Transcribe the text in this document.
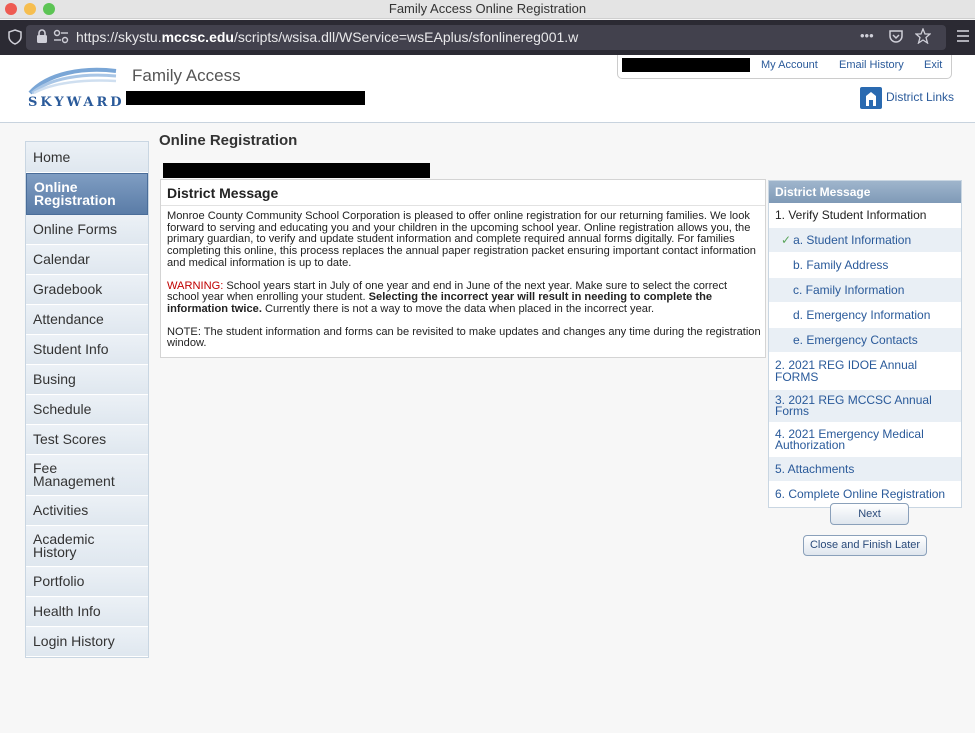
Family Access Online Registration
https://skystu.mccsc.edu/scripts/wsisa.dll/WService=wsEAplus/sfonlinereg001.w	•••
SKYWARD
Family Access
My Account Email History Exit
District Links
Home
Online Registration
Online Forms
Calendar
Gradebook
Attendance
Student Info
Busing
Schedule
Test Scores
Fee Management
Activities
Academic History
Portfolio
Health Info
Login History
Online Registration
District Message

Monroe County Community School Corporation is pleased to offer online registration for our returning families. We look forward to serving and educating you and your children in the upcoming school year. Online registration allows you, the primary guardian, to verify and update student information and complete required annual forms digitally. For families completing this online, this process replaces the annual paper registration packet ensuring important contact information and medical information is up to date.

WARNING: School years start in July of one year and end in June of the next year. Make sure to select the correct school year when enrolling your student. Selecting the incorrect year will result in needing to complete the information twice. Currently there is not a way to move the data when placed in the incorrect year.

NOTE: The student information and forms can be revisited to make updates and changes any time during the registration window.

District Message
1. Verify Student Information
✓ a. Student Information
b. Family Address
c. Family Information
d. Emergency Information
e. Emergency Contacts
2. 2021 REG IDOE Annual FORMS
3. 2021 REG MCCSC Annual Forms
4. 2021 Emergency Medical Authorization
5. Attachments
6. Complete Online Registration
Next
Close and Finish Later
